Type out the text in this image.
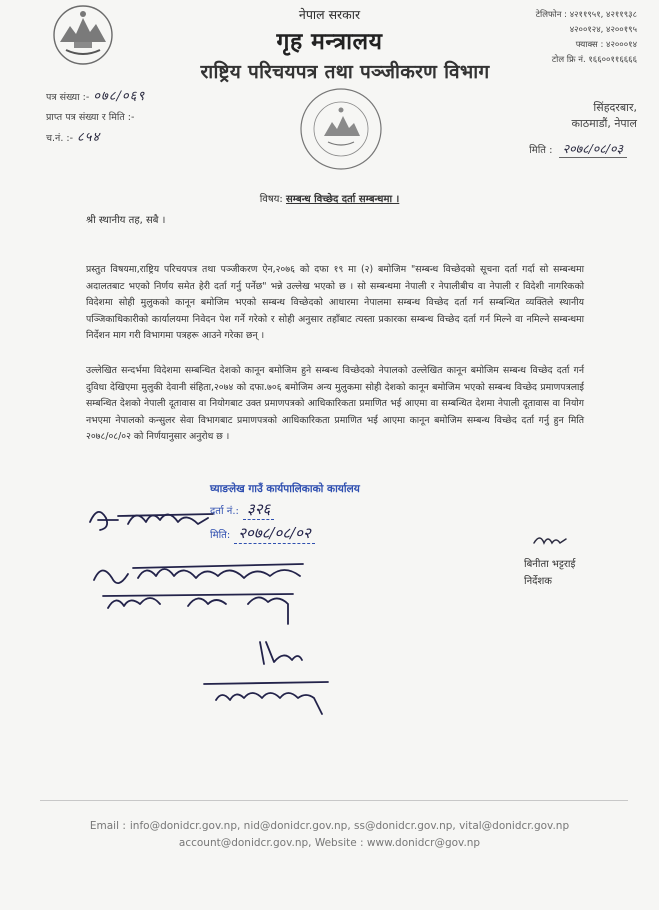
नेपाल सरकार
गृह मन्त्रालय
राष्ट्रिय परिचयपत्र तथा पञ्जीकरण विभाग
टेलिफोन : ४२११९५१, ४२११९३८
४२००१२४, ४२००१९५
फ्याक्स : ४२०००१४
टोल फ्रि नं. १६६००११६६६६
पत्र संख्या :- ०७८/०६९
प्राप्त पत्र संख्या र मिति :-
च.नं. :- ८५४
सिंहदरबार,
काठमाडौं, नेपाल
मिति : २०७८/०८/०३
विषय: सम्बन्ध विच्छेद दर्ता सम्बन्धमा ।
श्री स्थानीय तह, सबै ।
प्रस्तुत विषयमा,राष्ट्रिय परिचयपत्र तथा पञ्जीकरण ऐन,२०७६ को दफा १९ मा (२) बमोजिम "सम्बन्ध विच्छेदको सूचना दर्ता गर्दा सो सम्बन्धमा अदालतबाट भएको निर्णय समेत हेरी दर्ता गर्नु पर्नेछ" भन्ने उल्लेख भएको छ । सो सम्बन्धमा नेपाली र नेपालीबीच वा नेपाली र विदेशी नागरिकको विदेशमा सोही मुलुकको कानून बमोजिम भएको सम्बन्ध विच्छेदको आधारमा नेपालमा सम्बन्ध विच्छेद दर्ता गर्न सम्बन्धित व्यक्तिले स्थानीय पञ्जिकाधिकारीको कार्यालयमा निवेदन पेश गर्ने गरेको र सोही अनुसार तहाँबाट त्यस्ता प्रकारका सम्बन्ध विच्छेद दर्ता गर्न मिल्ने वा नमिल्ने सम्बन्धमा निर्देशन माग गरी विभागमा पत्रहरू आउने गरेका छन् ।
उल्लेखित सन्दर्भमा विदेशमा सम्बन्धित देशको कानून बमोजिम हुने सम्बन्ध विच्छेदको नेपालको उल्लेखित कानून बमोजिम सम्बन्ध विच्छेद दर्ता गर्न दुविधा देखिएमा मुलुकी देवानी संहिता,२०७४ को दफा.७०६ बमोजिम अन्य मुलुकमा सोही देशको कानून बमोजिम भएको सम्बन्ध विच्छेद प्रमाणपत्रलाई सम्बन्धित देशको नेपाली दूतावास वा नियोगबाट उक्त प्रमाणपत्रको आधिकारिकता प्रमाणित भई आएमा वा सम्बन्धित देशमा नेपाली दूतावास वा नियोग नभएमा नेपालको कन्सुलर सेवा विभागबाट प्रमाणपत्रको आधिकारिकता प्रमाणित भई आएमा कानून बमोजिम सम्बन्ध विच्छेद दर्ता गर्नु हुन मिति २०७८/०८/०२ को निर्णयानुसार अनुरोध छ ।
घ्याङलेख गाउँ कार्यपालिकाको कार्यालय
दर्ता नं.: ३२६
मिति: २०७८/०८/०२
बिनीता भट्टराई
निर्देशक
Email : info@donidcr.gov.np, nid@donidcr.gov.np, ss@donidcr.gov.np, vital@donidcr.gov.np
account@donidcr.gov.np, Website : www.donidcr@gov.np
